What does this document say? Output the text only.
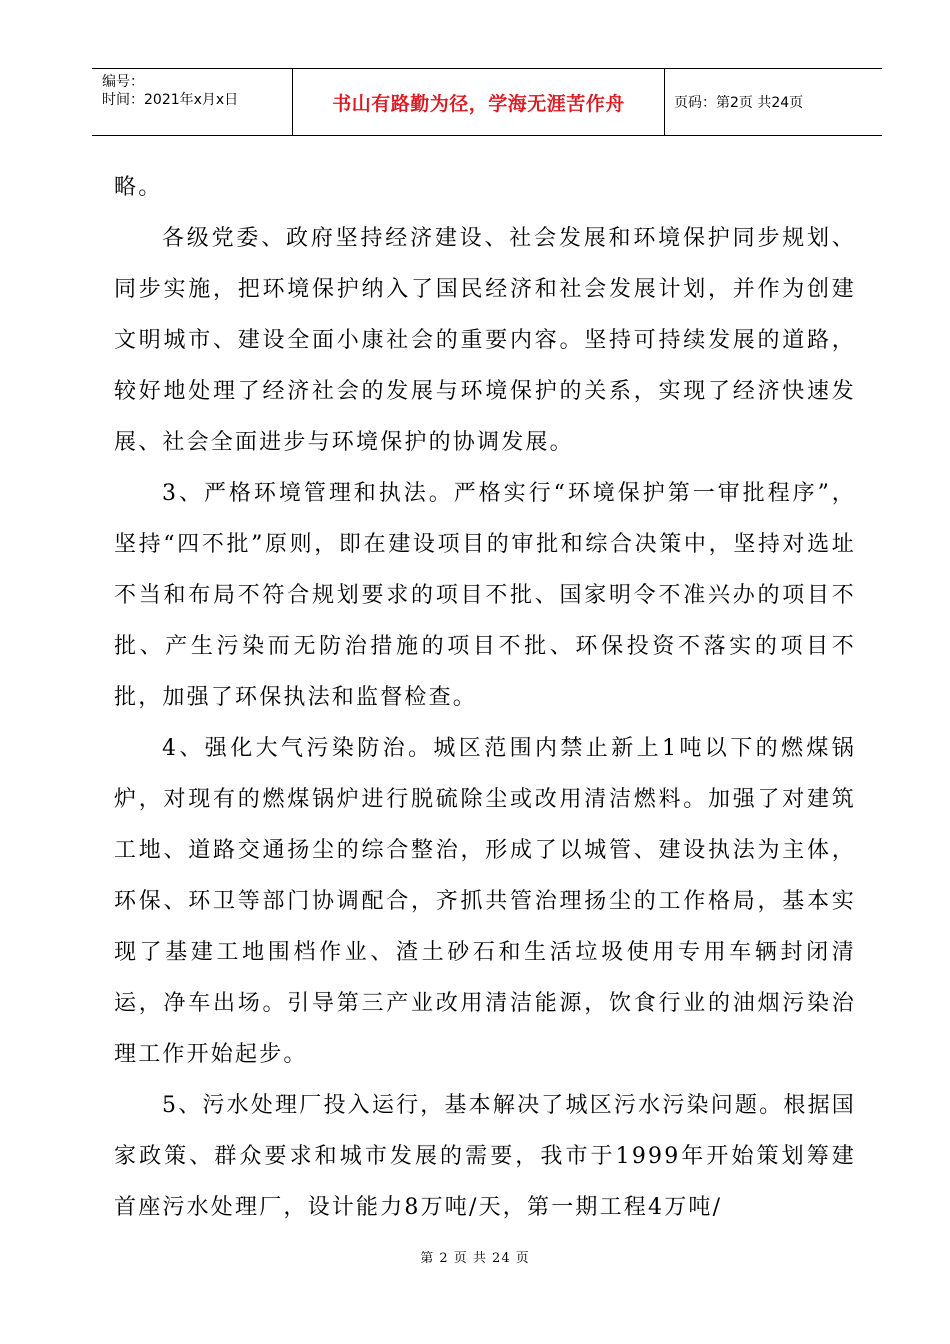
编号：
时间：2021年x月x日	书山有路勤为径，学海无涯苦作舟	页码：第2页 共24页

略。

各级党委、政府坚持经济建设、社会发展和环境保护同步规划、同步实施，把环境保护纳入了国民经济和社会发展计划，并作为创建文明城市、建设全面小康社会的重要内容。坚持可持续发展的道路，较好地处理了经济社会的发展与环境保护的关系，实现了经济快速发展、社会全面进步与环境保护的协调发展。

3、严格环境管理和执法。严格实行“环境保护第一审批程序”，坚持“四不批”原则，即在建设项目的审批和综合决策中，坚持对选址不当和布局不符合规划要求的项目不批、国家明令不准兴办的项目不批、产生污染而无防治措施的项目不批、环保投资不落实的项目不批，加强了环保执法和监督检查。

4、强化大气污染防治。城区范围内禁止新上1吨以下的燃煤锅炉，对现有的燃煤锅炉进行脱硫除尘或改用清洁燃料。加强了对建筑工地、道路交通扬尘的综合整治，形成了以城管、建设执法为主体，环保、环卫等部门协调配合，齐抓共管治理扬尘的工作格局，基本实现了基建工地围档作业、渣土砂石和生活垃圾使用专用车辆封闭清运，净车出场。引导第三产业改用清洁能源，饮食行业的油烟污染治理工作开始起步。

5、污水处理厂投入运行，基本解决了城区污水污染问题。根据国家政策、群众要求和城市发展的需要，我市于1999年开始策划筹建首座污水处理厂，设计能力8万吨/天，第一期工程4万吨/

第 2 页 共 24 页
